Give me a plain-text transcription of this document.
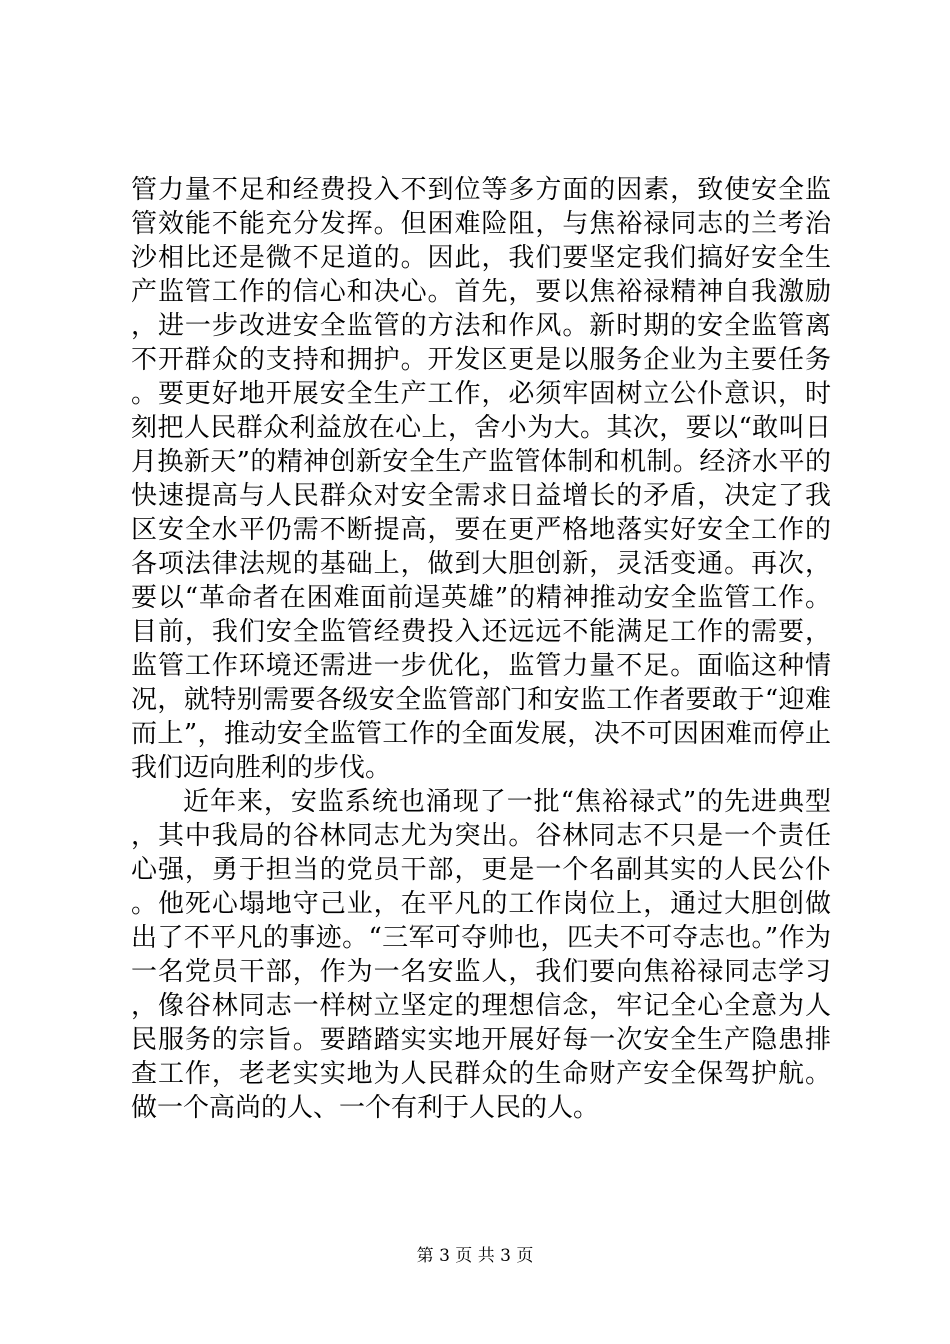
管力量不足和经费投入不到位等多方面的因素，致使安全监管效能不能充分发挥。但困难险阻，与焦裕禄同志的兰考治沙相比还是微不足道的。因此，我们要坚定我们搞好安全生产监管工作的信心和决心。首先，要以焦裕禄精神自我激励，进一步改进安全监管的方法和作风。新时期的安全监管离不开群众的支持和拥护。开发区更是以服务企业为主要任务。要更好地开展安全生产工作，必须牢固树立公仆意识，时刻把人民群众利益放在心上，舍小为大。其次，要以“敢叫日月换新天”的精神创新安全生产监管体制和机制。经济水平的快速提高与人民群众对安全需求日益增长的矛盾，决定了我区安全水平仍需不断提高，要在更严格地落实好安全工作的各项法律法规的基础上，做到大胆创新，灵活变通。再次，要以“革命者在困难面前逞英雄”的精神推动安全监管工作。目前，我们安全监管经费投入还远远不能满足工作的需要，监管工作环境还需进一步优化，监管力量不足。面临这种情况，就特别需要各级安全监管部门和安监工作者要敢于“迎难而上”，推动安全监管工作的全面发展，决不可因困难而停止我们迈向胜利的步伐。

近年来，安监系统也涌现了一批“焦裕禄式”的先进典型，其中我局的谷林同志尤为突出。谷林同志不只是一个责任心强，勇于担当的党员干部，更是一个名副其实的人民公仆。他死心塌地守己业，在平凡的工作岗位上，通过大胆创做出了不平凡的事迹。“三军可夺帅也，匹夫不可夺志也。”作为一名党员干部，作为一名安监人，我们要向焦裕禄同志学习，像谷林同志一样树立坚定的理想信念，牢记全心全意为人民服务的宗旨。要踏踏实实地开展好每一次安全生产隐患排查工作，老老实实地为人民群众的生命财产安全保驾护航。做一个高尚的人、一个有利于人民的人。

第 3 页 共 3 页
